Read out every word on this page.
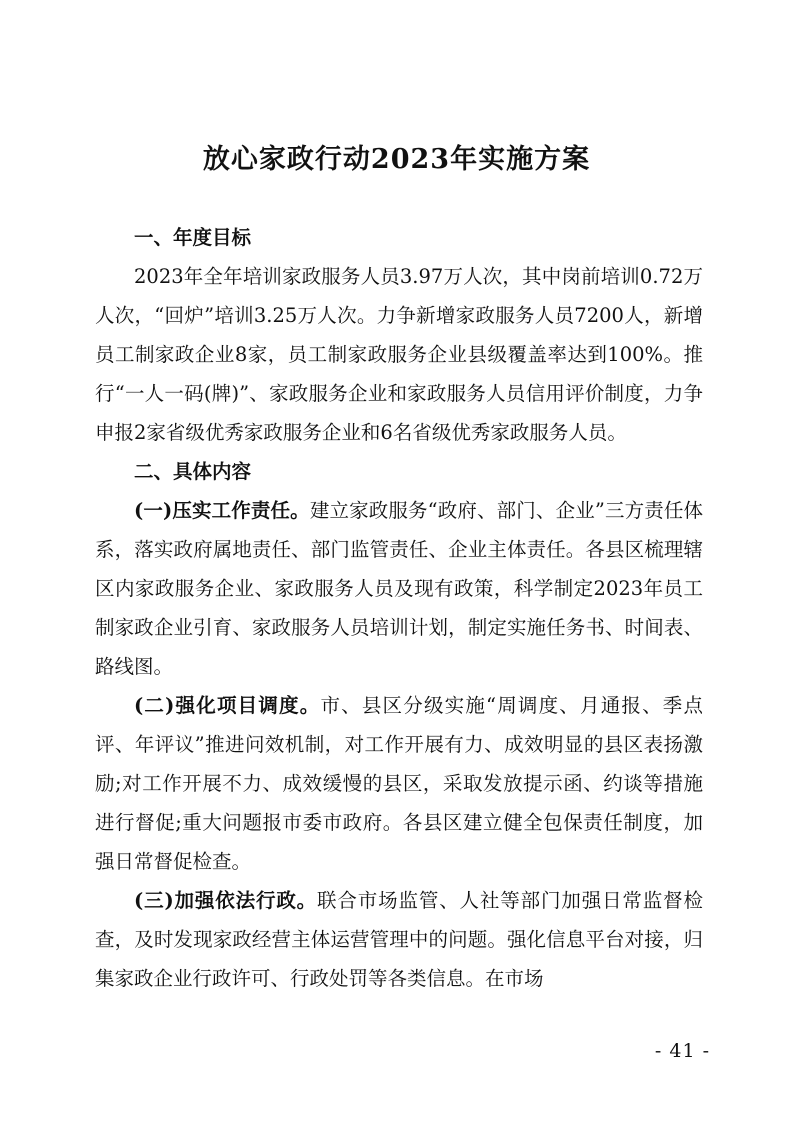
放心家政行动2023年实施方案

一、年度目标

2023年全年培训家政服务人员3.97万人次，其中岗前培训0.72万人次，“回炉”培训3.25万人次。力争新增家政服务人员7200人，新增员工制家政企业8家，员工制家政服务企业县级覆盖率达到100%。推行“一人一码(牌)”、家政服务企业和家政服务人员信用评价制度，力争申报2家省级优秀家政服务企业和6名省级优秀家政服务人员。

二、具体内容

(一)压实工作责任。建立家政服务“政府、部门、企业”三方责任体系，落实政府属地责任、部门监管责任、企业主体责任。各县区梳理辖区内家政服务企业、家政服务人员及现有政策，科学制定2023年员工制家政企业引育、家政服务人员培训计划，制定实施任务书、时间表、路线图。

(二)强化项目调度。市、县区分级实施“周调度、月通报、季点评、年评议”推进问效机制，对工作开展有力、成效明显的县区表扬激励;对工作开展不力、成效缓慢的县区，采取发放提示函、约谈等措施进行督促;重大问题报市委市政府。各县区建立健全包保责任制度，加强日常督促检查。

(三)加强依法行政。联合市场监管、人社等部门加强日常监督检查，及时发现家政经营主体运营管理中的问题。强化信息平台对接，归集家政企业行政许可、行政处罚等各类信息。在市场

- 41 -
